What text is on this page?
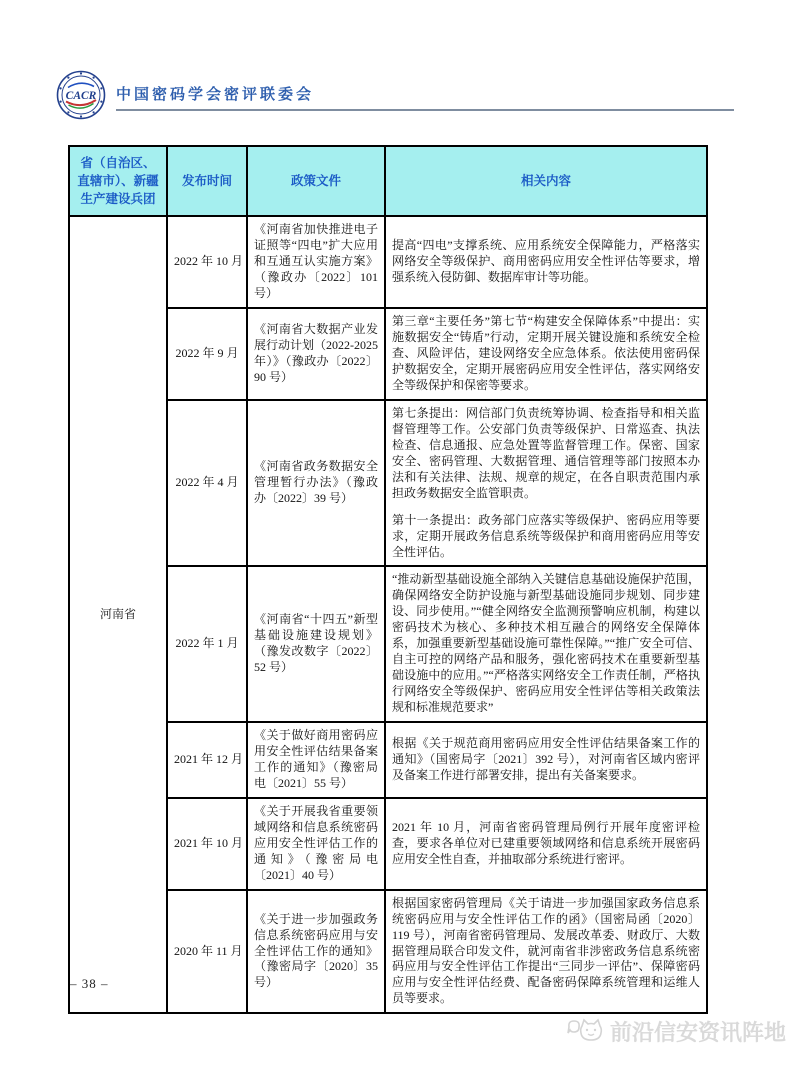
CACR 中国密码学会密评联委会
省（自治区、直辖市）、新疆生产建设兵团	发布时间	政策文件	相关内容
河南省	2022 年 10 月	《河南省加快推进电子证照等“四电”扩大应用和互通互认实施方案》（豫政办〔2022〕101 号）	提高“四电”支撑系统、应用系统安全保障能力，严格落实网络安全等级保护、商用密码应用安全性评估等要求，增强系统入侵防御、数据库审计等功能。

	2022 年 9 月	《河南省大数据产业发展行动计划（2022-2025 年）》（豫政办〔2022〕90 号）	第三章“主要任务”第七节“构建安全保障体系”中提出：实施数据安全“铸盾”行动，定期开展关键设施和系统安全检查、风险评估，建设网络安全应急体系。依法使用密码保护数据安全，定期开展密码应用安全性评估，落实网络安全等级保护和保密等要求。

	2022 年 4 月	《河南省政务数据安全管理暂行办法》（豫政办〔2022〕39 号）	第七条提出：网信部门负责统筹协调、检查指导和相关监督管理等工作。公安部门负责等级保护、日常巡查、执法检查、信息通报、应急处置等监督管理工作。保密、国家安全、密码管理、大数据管理、通信管理等部门按照本办法和有关法律、法规、规章的规定，在各自职责范围内承担政务数据安全监管职责。

第十一条提出：政务部门应落实等级保护、密码应用等要求，定期开展政务信息系统等级保护和商用密码应用等安全性评估。

	2022 年 1 月	《河南省“十四五”新型基础设施建设规划》（豫发改数字〔2022〕52 号）	“推动新型基础设施全部纳入关键信息基础设施保护范围，确保网络安全防护设施与新型基础设施同步规划、同步建设、同步使用。”“健全网络安全监测预警响应机制，构建以密码技术为核心、多种技术相互融合的网络安全保障体系，加强重要新型基础设施可靠性保障。”“推广安全可信、自主可控的网络产品和服务，强化密码技术在重要新型基础设施中的应用。”“严格落实网络安全工作责任制，严格执行网络安全等级保护、密码应用安全性评估等相关政策法规和标准规范要求”

	2021 年 12 月	《关于做好商用密码应用安全性评估结果备案工作的通知》（豫密局电〔2021〕55 号）	根据《关于规范商用密码应用安全性评估结果备案工作的通知》（国密局字〔2021〕392 号），对河南省区域内密评及备案工作进行部署安排，提出有关备案要求。

	2021 年 10 月	《关于开展我省重要领域网络和信息系统密码应用安全性评估工作的通知》（豫密局电〔2021〕40 号）	2021 年 10 月，河南省密码管理局例行开展年度密评检查，要求各单位对已建重要领域网络和信息系统开展密码应用安全性自查，并抽取部分系统进行密评。

	2020 年 11 月	《关于进一步加强政务信息系统密码应用与安全性评估工作的通知》（豫密局字〔2020〕35 号）	根据国家密码管理局《关于请进一步加强国家政务信息系统密码应用与安全性评估工作的函》（国密局函〔2020〕119 号），河南省密码管理局、发展改革委、财政厅、大数据管理局联合印发文件，就河南省非涉密政务信息系统密码应用与安全性评估工作提出“三同步一评估”、保障密码应用与安全性评估经费、配备密码保障系统管理和运维人员等要求。

– 38 –
前沿信安资讯阵地
